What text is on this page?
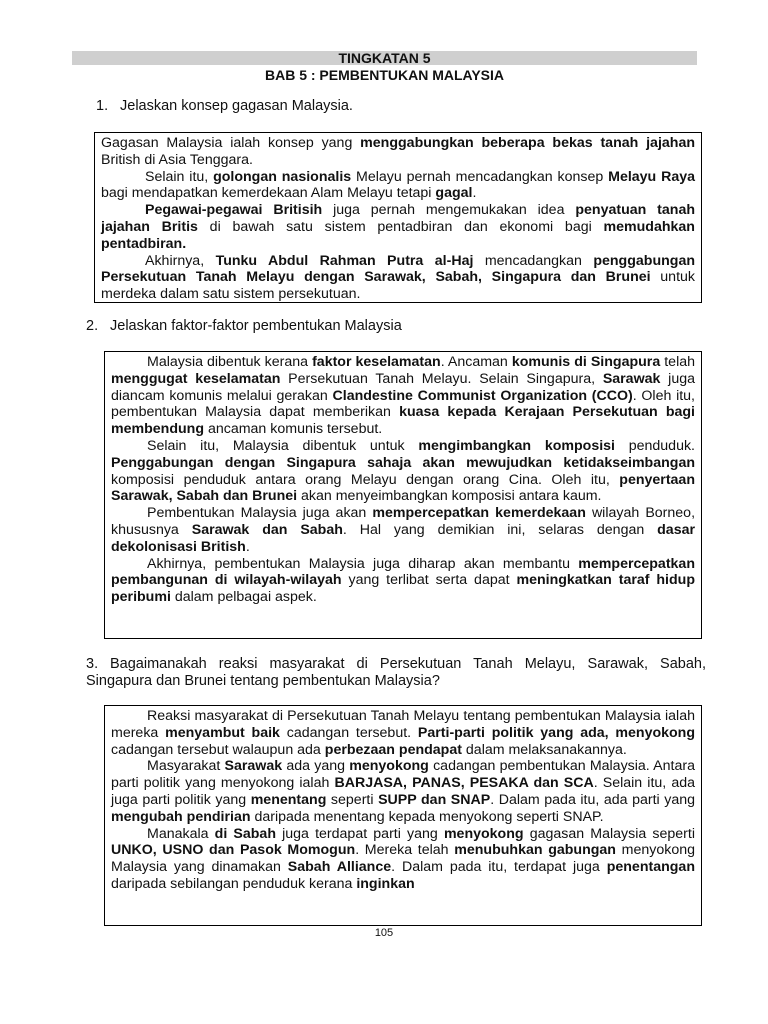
TINGKATAN 5
BAB 5 : PEMBENTUKAN MALAYSIA
1. Jelaskan konsep gagasan Malaysia.

Gagasan Malaysia ialah konsep yang menggabungkan beberapa bekas tanah jajahan British di Asia Tenggara.

Selain itu, golongan nasionalis Melayu pernah mencadangkan konsep Melayu Raya bagi mendapatkan kemerdekaan Alam Melayu tetapi gagal.

Pegawai-pegawai Britisih juga pernah mengemukakan idea penyatuan tanah jajahan Britis di bawah satu sistem pentadbiran dan ekonomi bagi memudahkan pentadbiran.

Akhirnya, Tunku Abdul Rahman Putra al-Haj mencadangkan penggabungan Persekutuan Tanah Melayu dengan Sarawak, Sabah, Singapura dan Brunei untuk merdeka dalam satu sistem persekutuan.

2. Jelaskan faktor-faktor pembentukan Malaysia

Malaysia dibentuk kerana faktor keselamatan. Ancaman komunis di Singapura telah menggugat keselamatan Persekutuan Tanah Melayu. Selain Singapura, Sarawak juga diancam komunis melalui gerakan Clandestine Communist Organization (CCO). Oleh itu, pembentukan Malaysia dapat memberikan kuasa kepada Kerajaan Persekutuan bagi membendung ancaman komunis tersebut.

Selain itu, Malaysia dibentuk untuk mengimbangkan komposisi penduduk. Penggabungan dengan Singapura sahaja akan mewujudkan ketidakseimbangan komposisi penduduk antara orang Melayu dengan orang Cina. Oleh itu, penyertaan Sarawak, Sabah dan Brunei akan menyeimbangkan komposisi antara kaum.

Pembentukan Malaysia juga akan mempercepatkan kemerdekaan wilayah Borneo, khususnya Sarawak dan Sabah. Hal yang demikian ini, selaras dengan dasar dekolonisasi British.

Akhirnya, pembentukan Malaysia juga diharap akan membantu mempercepatkan pembangunan di wilayah-wilayah yang terlibat serta dapat meningkatkan taraf hidup peribumi dalam pelbagai aspek.

3. Bagaimanakah reaksi masyarakat di Persekutuan Tanah Melayu, Sarawak, Sabah, Singapura dan Brunei tentang pembentukan Malaysia?

Reaksi masyarakat di Persekutuan Tanah Melayu tentang pembentukan Malaysia ialah mereka menyambut baik cadangan tersebut. Parti-parti politik yang ada, menyokong cadangan tersebut walaupun ada perbezaan pendapat dalam melaksanakannya.

Masyarakat Sarawak ada yang menyokong cadangan pembentukan Malaysia. Antara parti politik yang menyokong ialah BARJASA, PANAS, PESAKA dan SCA. Selain itu, ada juga parti politik yang menentang seperti SUPP dan SNAP. Dalam pada itu, ada parti yang mengubah pendirian daripada menentang kepada menyokong seperti SNAP.

Manakala di Sabah juga terdapat parti yang menyokong gagasan Malaysia seperti UNKO, USNO dan Pasok Momogun. Mereka telah menubuhkan gabungan menyokong Malaysia yang dinamakan Sabah Alliance. Dalam pada itu, terdapat juga penentangan daripada sebilangan penduduk kerana inginkan

105
